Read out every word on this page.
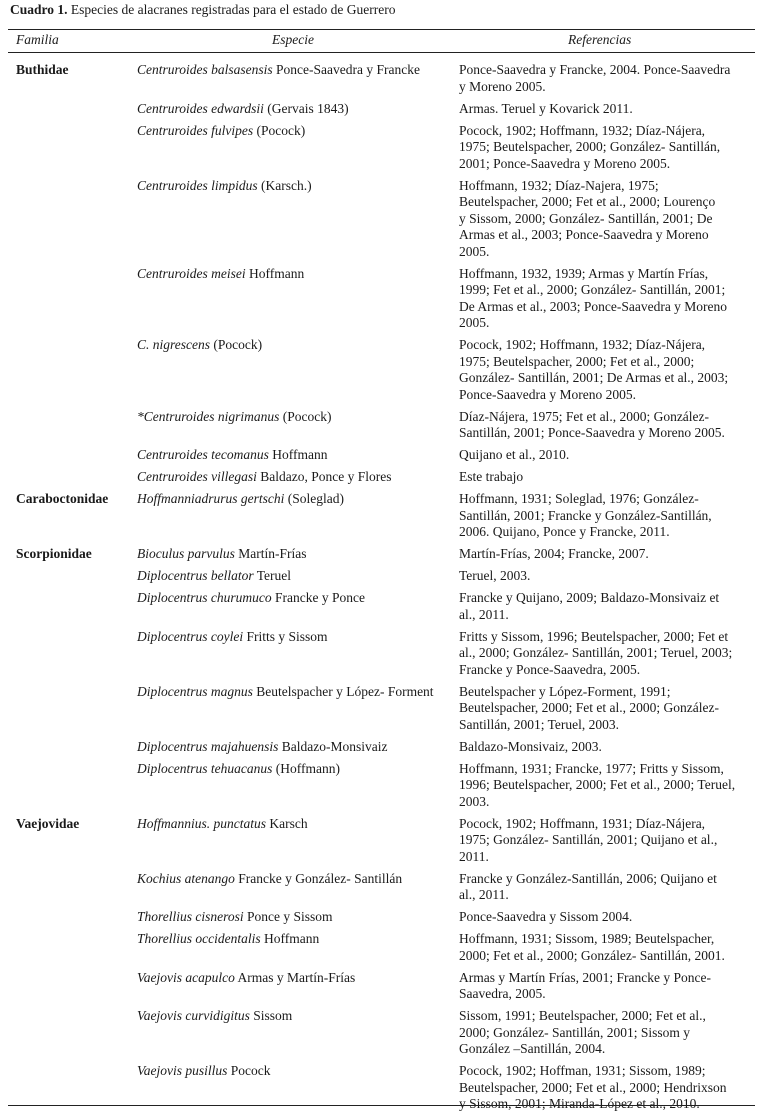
Cuadro 1. Especies de alacranes registradas para el estado de Guerrero
Familia	Especie	Referencias
Buthidae	Centruroides balsasensis Ponce-Saavedra y Francke	Ponce-Saavedra y Francke, 2004. Ponce-Saavedra
y Moreno 2005.

	Centruroides edwardsii (Gervais 1843)	Armas. Teruel y Kovarick 2011.

	Centruroides fulvipes (Pocock)	Pocock, 1902; Hoffmann, 1932; Díaz-Nájera,
1975; Beutelspacher, 2000; González- Santillán,
2001; Ponce-Saavedra y Moreno 2005.

	Centruroides limpidus (Karsch.)	Hoffmann, 1932; Díaz-Najera, 1975;
Beutelspacher, 2000; Fet et al., 2000; Lourenço
y Sissom, 2000; González- Santillán, 2001; De
Armas et al., 2003; Ponce-Saavedra y Moreno
2005.

	Centruroides meisei Hoffmann	Hoffmann, 1932, 1939; Armas y Martín Frías,
1999; Fet et al., 2000; González- Santillán, 2001;
De Armas et al., 2003; Ponce-Saavedra y Moreno
2005.

	C. nigrescens (Pocock)	Pocock, 1902; Hoffmann, 1932; Díaz-Nájera,
1975; Beutelspacher, 2000; Fet et al., 2000;
González- Santillán, 2001; De Armas et al., 2003;
Ponce-Saavedra y Moreno 2005.

	*Centruroides nigrimanus (Pocock)	Díaz-Nájera, 1975; Fet et al., 2000; González-
Santillán, 2001; Ponce-Saavedra y Moreno 2005.

	Centruroides tecomanus Hoffmann	Quijano et al., 2010.

	Centruroides villegasi Baldazo, Ponce y Flores	Este trabajo

Caraboctonidae	Hoffmanniadrurus gertschi (Soleglad)	Hoffmann, 1931; Soleglad, 1976; González-
Santillán, 2001; Francke y González-Santillán,
2006. Quijano, Ponce y Francke, 2011.

Scorpionidae	Bioculus parvulus Martín-Frías	Martín-Frías, 2004; Francke, 2007.

	Diplocentrus bellator Teruel	Teruel, 2003.

	Diplocentrus churumuco Francke y Ponce	Francke y Quijano, 2009; Baldazo-Monsivaiz et
al., 2011.

	Diplocentrus coylei Fritts y Sissom	Fritts y Sissom, 1996; Beutelspacher, 2000; Fet et
al., 2000; González- Santillán, 2001; Teruel, 2003;
Francke y Ponce-Saavedra, 2005.

	Diplocentrus magnus Beutelspacher y López- Forment	Beutelspacher y López-Forment, 1991;
Beutelspacher, 2000; Fet et al., 2000; González-
Santillán, 2001; Teruel, 2003.

	Diplocentrus majahuensis Baldazo-Monsivaiz	Baldazo-Monsivaiz, 2003.

	Diplocentrus tehuacanus (Hoffmann)	Hoffmann, 1931; Francke, 1977; Fritts y Sissom,
1996; Beutelspacher, 2000; Fet et al., 2000; Teruel,
2003.

Vaejovidae	Hoffmannius. punctatus Karsch	Pocock, 1902; Hoffmann, 1931; Díaz-Nájera,
1975; González- Santillán, 2001; Quijano et al.,
2011.

	Kochius atenango Francke y González- Santillán	Francke y González-Santillán, 2006; Quijano et
al., 2011.

	Thorellius cisnerosi Ponce y Sissom	Ponce-Saavedra y Sissom 2004.

	Thorellius occidentalis Hoffmann	Hoffmann, 1931; Sissom, 1989; Beutelspacher,
2000; Fet et al., 2000; González- Santillán, 2001.

	Vaejovis acapulco Armas y Martín-Frías	Armas y Martín Frías, 2001; Francke y Ponce-
Saavedra, 2005.

	Vaejovis curvidigitus Sissom	Sissom, 1991; Beutelspacher, 2000; Fet et al.,
2000; González- Santillán, 2001; Sissom y
González –Santillán, 2004.

	Vaejovis pusillus Pocock	Pocock, 1902; Hoffman, 1931; Sissom, 1989;
Beutelspacher, 2000; Fet et al., 2000; Hendrixson
y Sissom, 2001; Miranda-López et al., 2010.
